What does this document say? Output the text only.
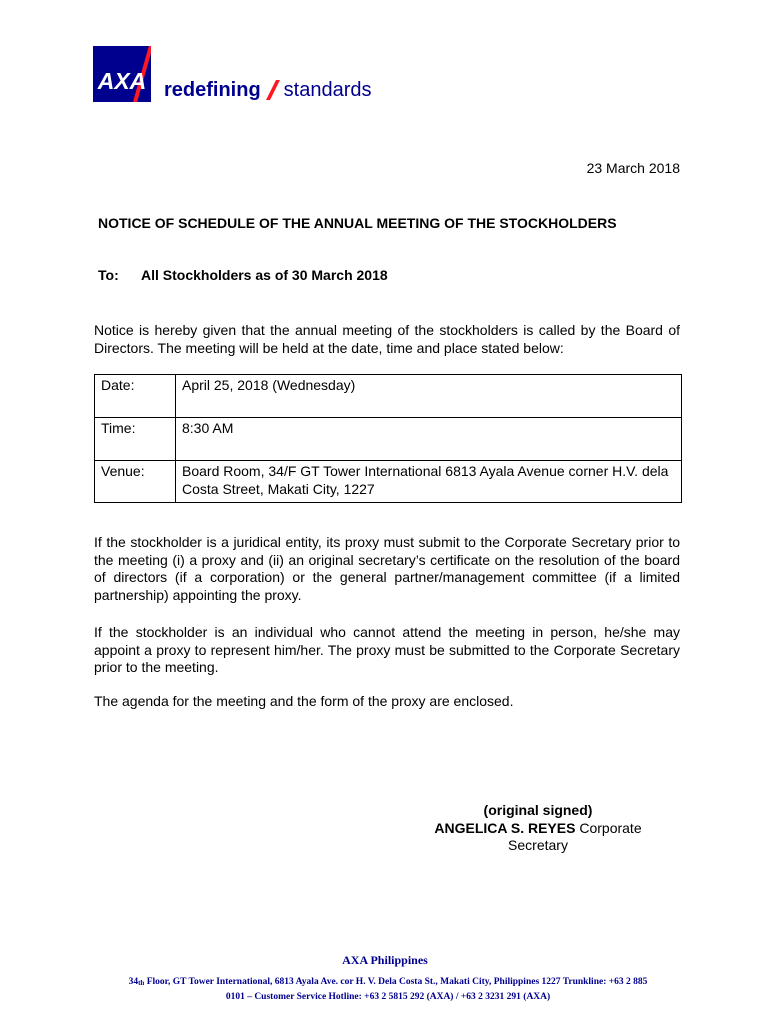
AXA redefining standards
23 March 2018
NOTICE OF SCHEDULE OF THE ANNUAL MEETING OF THE STOCKHOLDERS
To: All Stockholders as of 30 March 2018

Notice is hereby given that the annual meeting of the stockholders is called by the Board of Directors. The meeting will be held at the date, time and place stated below:

Date:	April 25, 2018 (Wednesday)
Time:	8:30 AM
Venue:	Board Room, 34/F GT Tower International 6813 Ayala Avenue corner H.V. dela Costa Street, Makati City, 1227

If the stockholder is a juridical entity, its proxy must submit to the Corporate Secretary prior to the meeting (i) a proxy and (ii) an original secretary’s certificate on the resolution of the board of directors (if a corporation) or the general partner/management committee (if a limited partnership) appointing the proxy.

If the stockholder is an individual who cannot attend the meeting in person, he/she may appoint a proxy to represent him/her. The proxy must be submitted to the Corporate Secretary prior to the meeting.

The agenda for the meeting and the form of the proxy are enclosed.

(original signed)
ANGELICA S. REYES Corporate Secretary
AXA Philippines
34th Floor, GT Tower International, 6813 Ayala Ave. cor H. V. Dela Costa St., Makati City, Philippines 1227 Trunkline: +63 2 885
0101 – Customer Service Hotline: +63 2 5815 292 (AXA) / +63 2 3231 291 (AXA)
